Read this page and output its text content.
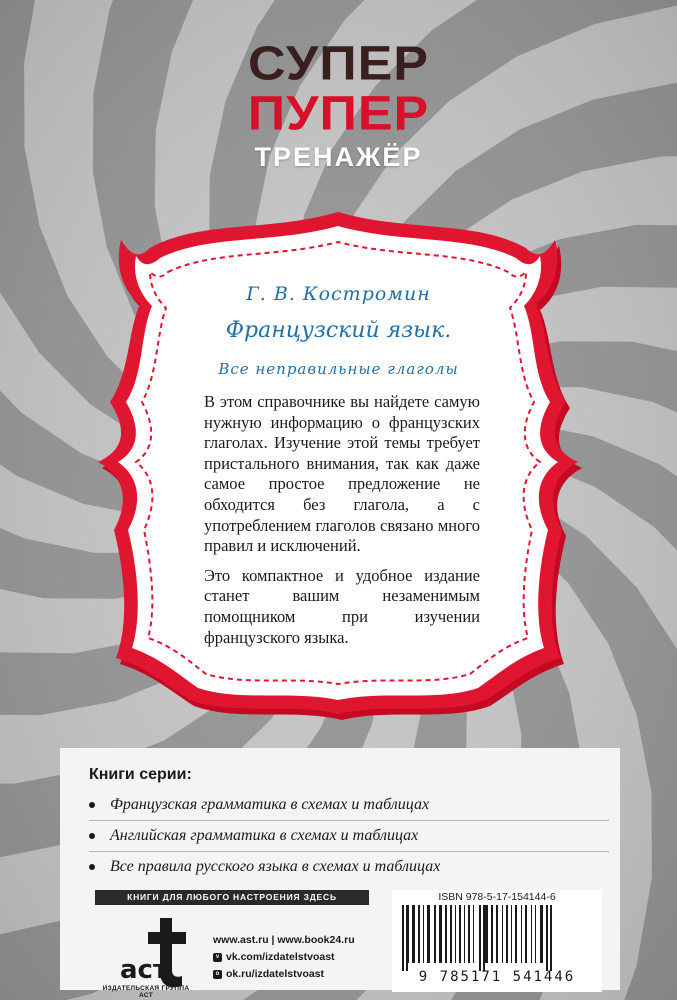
СУПЕР
ПУПЕР
ТРЕНАЖЁР
Г. В. Костромин
Французский язык.
Все неправильные глаголы

В этом справочнике вы найдете самую нужную информацию о французских глаголах. Изучение этой темы требует пристального внимания, так как даже самое простое предложение не обходится без глагола, а с употреблением глаголов связано много правил и исключений.

Это компактное и удобное издание станет вашим незаменимым помощником при изучении французского языка.

Книги серии:
Французская грамматика в схемах и таблицах
Английская грамматика в схемах и таблицах
Все правила русского языка в схемах и таблицах
КНИГИ ДЛЯ ЛЮБОГО НАСТРОЕНИЯ ЗДЕСЬ
аст
ИЗДАТЕЛЬСКАЯ ГРУППА АСТ
www.ast.ru | www.book24.ru
v vk.com/izdatelstvoast
o ok.ru/izdatelstvoast
ISBN 978-5-17-154144-6
9 785171 541446
